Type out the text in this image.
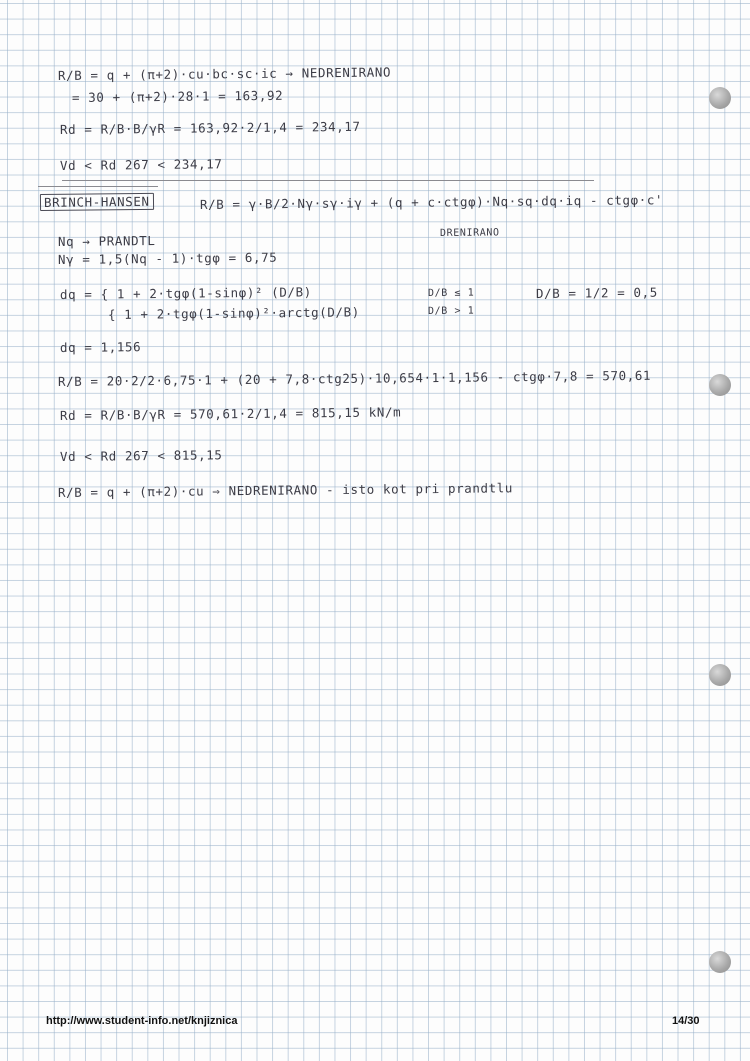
R/B = q + (π+2)·cu·bc·sc·ic → NEDRENIRANO
= 30 + (π+2)·28·1 = 163,92
Rd = R/B·B/γR = 163,92·2/1,4 = 234,17
Vd < Rd 267 < 234,17
BRINCH-HANSEN	R/B = γ·B/2·Nγ·sγ·iγ + (q + c·ctgφ)·Nq·sq·dq·iq - ctgφ·c'
DRENIRANO
Nq → PRANDTL
Nγ = 1,5(Nq - 1)·tgφ = 6,75
dq = { 1 + 2·tgφ(1-sinφ)² (D/B)
{ 1 + 2·tgφ(1-sinφ)²·arctg(D/B)
D/B ≤ 1
D/B > 1
D/B = 1/2 = 0,5
dq = 1,156
R/B = 20·2/2·6,75·1 + (20 + 7,8·ctg25)·10,654·1·1,156 - ctgφ·7,8 = 570,61
Rd = R/B·B/γR = 570,61·2/1,4 = 815,15 kN/m
Vd < Rd 267 < 815,15
R/B = q + (π+2)·cu ⇒ NEDRENIRANO - isto kot pri prandtlu
http://www.student-info.net/knjiznica	14/30
